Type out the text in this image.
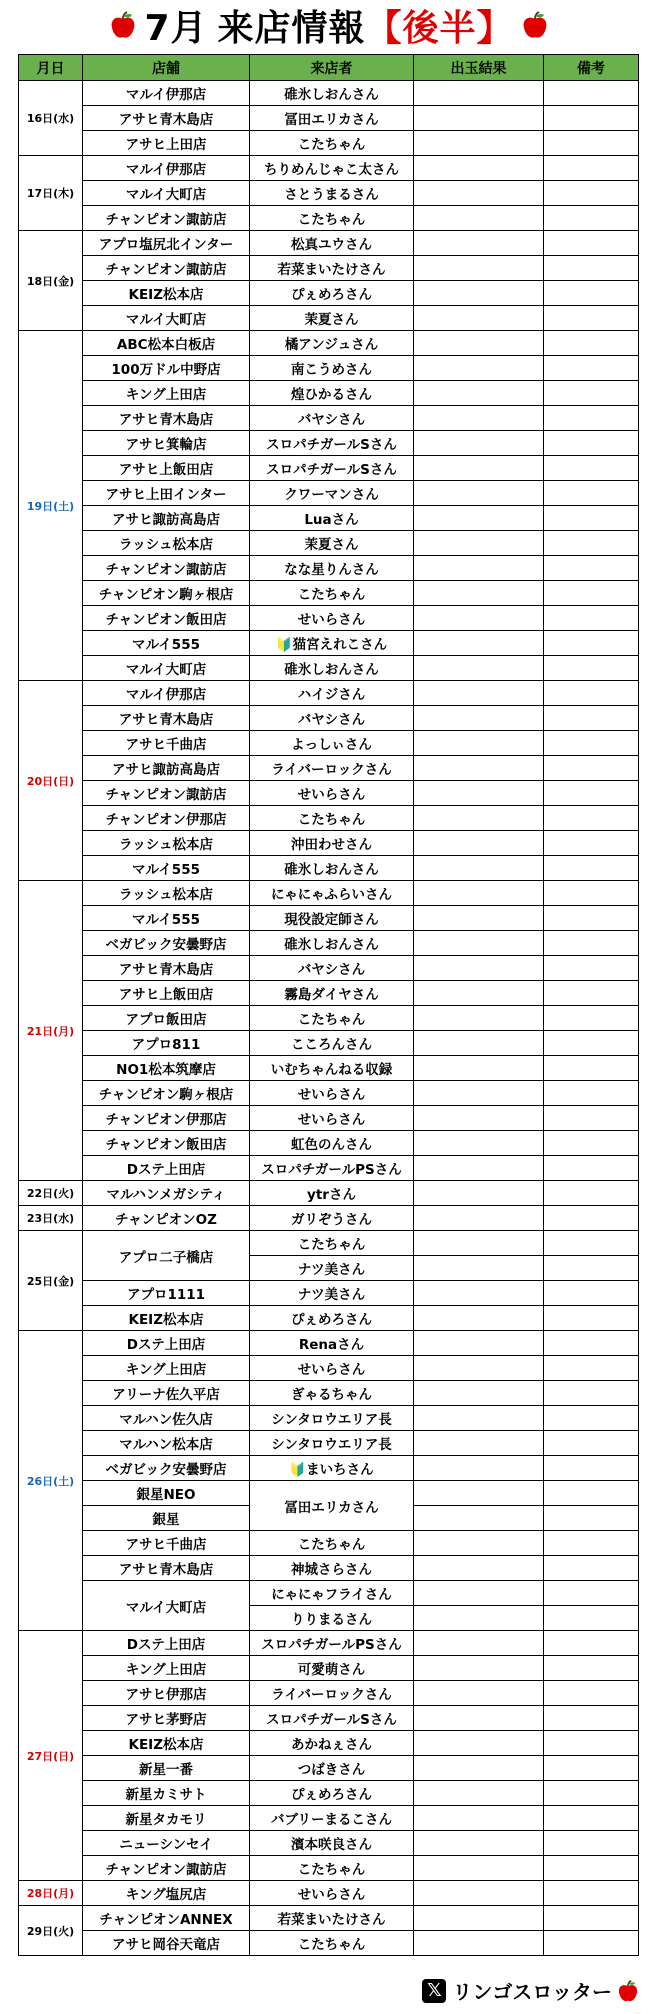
7月 来店情報 【 後半 】
月日	店舗	来店者	出玉結果	備考
16日(水)	マルイ伊那店	碓氷しおんさん		
	アサヒ青木島店	冨田エリカさん		
	アサヒ上田店	こたちゃん		
17日(木)	マルイ伊那店	ちりめんじゃこ太さん		
	マルイ大町店	さとうまるさん		
	チャンピオン諏訪店	こたちゃん		
18日(金)	アプロ塩尻北インター	松真ユウさん		
	チャンピオン諏訪店	若菜まいたけさん		
	KEIZ松本店	ぴぇめろさん		
	マルイ大町店	茉夏さん		
19日(土)	ABC松本白板店	橘アンジュさん		
	100万ドル中野店	南こうめさん		
	キング上田店	煌ひかるさん		
	アサヒ青木島店	バヤシさん		
	アサヒ箕輪店	スロパチガールSさん		
	アサヒ上飯田店	スロパチガールSさん		
	アサヒ上田インター	クワーマンさん		
	アサヒ諏訪高島店	Luaさん		
	ラッシュ松本店	茉夏さん		
	チャンピオン諏訪店	なな星りんさん		
	チャンピオン駒ヶ根店	こたちゃん		
	チャンピオン飯田店	せいらさん		
	マルイ555	🔰猫宮えれこさん		
	マルイ大町店	碓氷しおんさん		
20日(日)	マルイ伊那店	ハイジさん		
	アサヒ青木島店	バヤシさん		
	アサヒ千曲店	よっしぃさん		
	アサヒ諏訪高島店	ライバーロックさん		
	チャンピオン諏訪店	せいらさん		
	チャンピオン伊那店	こたちゃん		
	ラッシュ松本店	沖田わせさん		
	マルイ555	碓氷しおんさん		
21日(月)	ラッシュ松本店	にゃにゃふらいさん		
	マルイ555	現役設定師さん		
	ベガビック安曇野店	碓氷しおんさん		
	アサヒ青木島店	バヤシさん		
	アサヒ上飯田店	霧島ダイヤさん		
	アプロ飯田店	こたちゃん		
	アプロ811	こころんさん		
	NO1松本筑摩店	いむちゃんねる収録		
	チャンピオン駒ヶ根店	せいらさん		
	チャンピオン伊那店	せいらさん		
	チャンピオン飯田店	虹色のんさん		
	Dステ上田店	スロパチガールPSさん		
22日(火)	マルハンメガシティ	ytrさん		
23日(水)	チャンピオンOZ	ガリぞうさん		
25日(金)	アプロ二子橋店	こたちゃん		
		ナツ美さん		
	アプロ1111	ナツ美さん		
	KEIZ松本店	ぴぇめろさん		
26日(土)	Dステ上田店	Renaさん		
	キング上田店	せいらさん		
	アリーナ佐久平店	ぎゃるちゃん		
	マルハン佐久店	シンタロウエリア長		
	マルハン松本店	シンタロウエリア長		
	ベガビック安曇野店	🔰まいちさん		
	銀星NEO	冨田エリカさん		
	銀星			
	アサヒ千曲店	こたちゃん		
	アサヒ青木島店	神城さらさん		
	マルイ大町店	にゃにゃフライさん		
		りりまるさん		
27日(日)	Dステ上田店	スロパチガールPSさん		
	キング上田店	可愛萌さん		
	アサヒ伊那店	ライバーロックさん		
	アサヒ茅野店	スロパチガールSさん		
	KEIZ松本店	あかねぇさん		
	新星一番	つばきさん		
	新星カミサト	ぴぇめろさん		
	新星タカモリ	バブリーまるこさん		
	ニューシンセイ	濱本咲良さん		
	チャンピオン諏訪店	こたちゃん		
28日(月)	キング塩尻店	せいらさん		
29日(火)	チャンピオンANNEX	若菜まいたけさん		
	アサヒ岡谷天竜店	こたちゃん		
𝕏 リンゴスロッター
